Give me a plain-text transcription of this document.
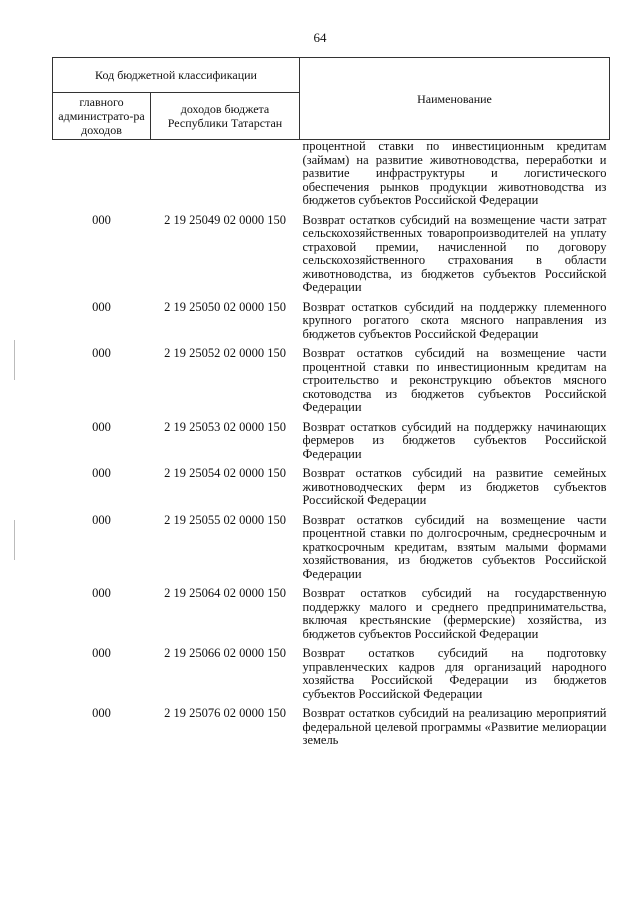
64
Код бюджетной классификации		Наименование
главного администрато-ра доходов	доходов бюджета Республики Татарстан	
		процентной ставки по инвестиционным кредитам (займам) на развитие животноводства, переработки и развитие инфраструктуры и логистического обеспечения рынков продукции животноводства из бюджетов субъектов Российской Федерации
000	2 19 25049 02 0000 150	Возврат остатков субсидий на возмещение части затрат сельскохозяйственных товаропроизводителей на уплату страховой премии, начисленной по договору сельскохозяйственного страхования в области животноводства, из бюджетов субъектов Российской Федерации
000	2 19 25050 02 0000 150	Возврат остатков субсидий на поддержку племенного крупного рогатого скота мясного направления из бюджетов субъектов Российской Федерации
000	2 19 25052 02 0000 150	Возврат остатков субсидий на возмещение части процентной ставки по инвестиционным кредитам на строительство и реконструкцию объектов мясного скотоводства из бюджетов субъектов Российской Федерации
000	2 19 25053 02 0000 150	Возврат остатков субсидий на поддержку начинающих фермеров из бюджетов субъектов Российской Федерации
000	2 19 25054 02 0000 150	Возврат остатков субсидий на развитие семейных животноводческих ферм из бюджетов субъектов Российской Федерации
000	2 19 25055 02 0000 150	Возврат остатков субсидий на возмещение части процентной ставки по долгосрочным, среднесрочным и краткосрочным кредитам, взятым малыми формами хозяйствования, из бюджетов субъектов Российской Федерации
000	2 19 25064 02 0000 150	Возврат остатков субсидий на государственную поддержку малого и среднего предпринимательства, включая крестьянские (фермерские) хозяйства, из бюджетов субъектов Российской Федерации
000	2 19 25066 02 0000 150	Возврат остатков субсидий на подготовку управленческих кадров для организаций народного хозяйства Российской Федерации из бюджетов субъектов Российской Федерации
000	2 19 25076 02 0000 150	Возврат остатков субсидий на реализацию мероприятий федеральной целевой программы «Развитие мелиорации земель
